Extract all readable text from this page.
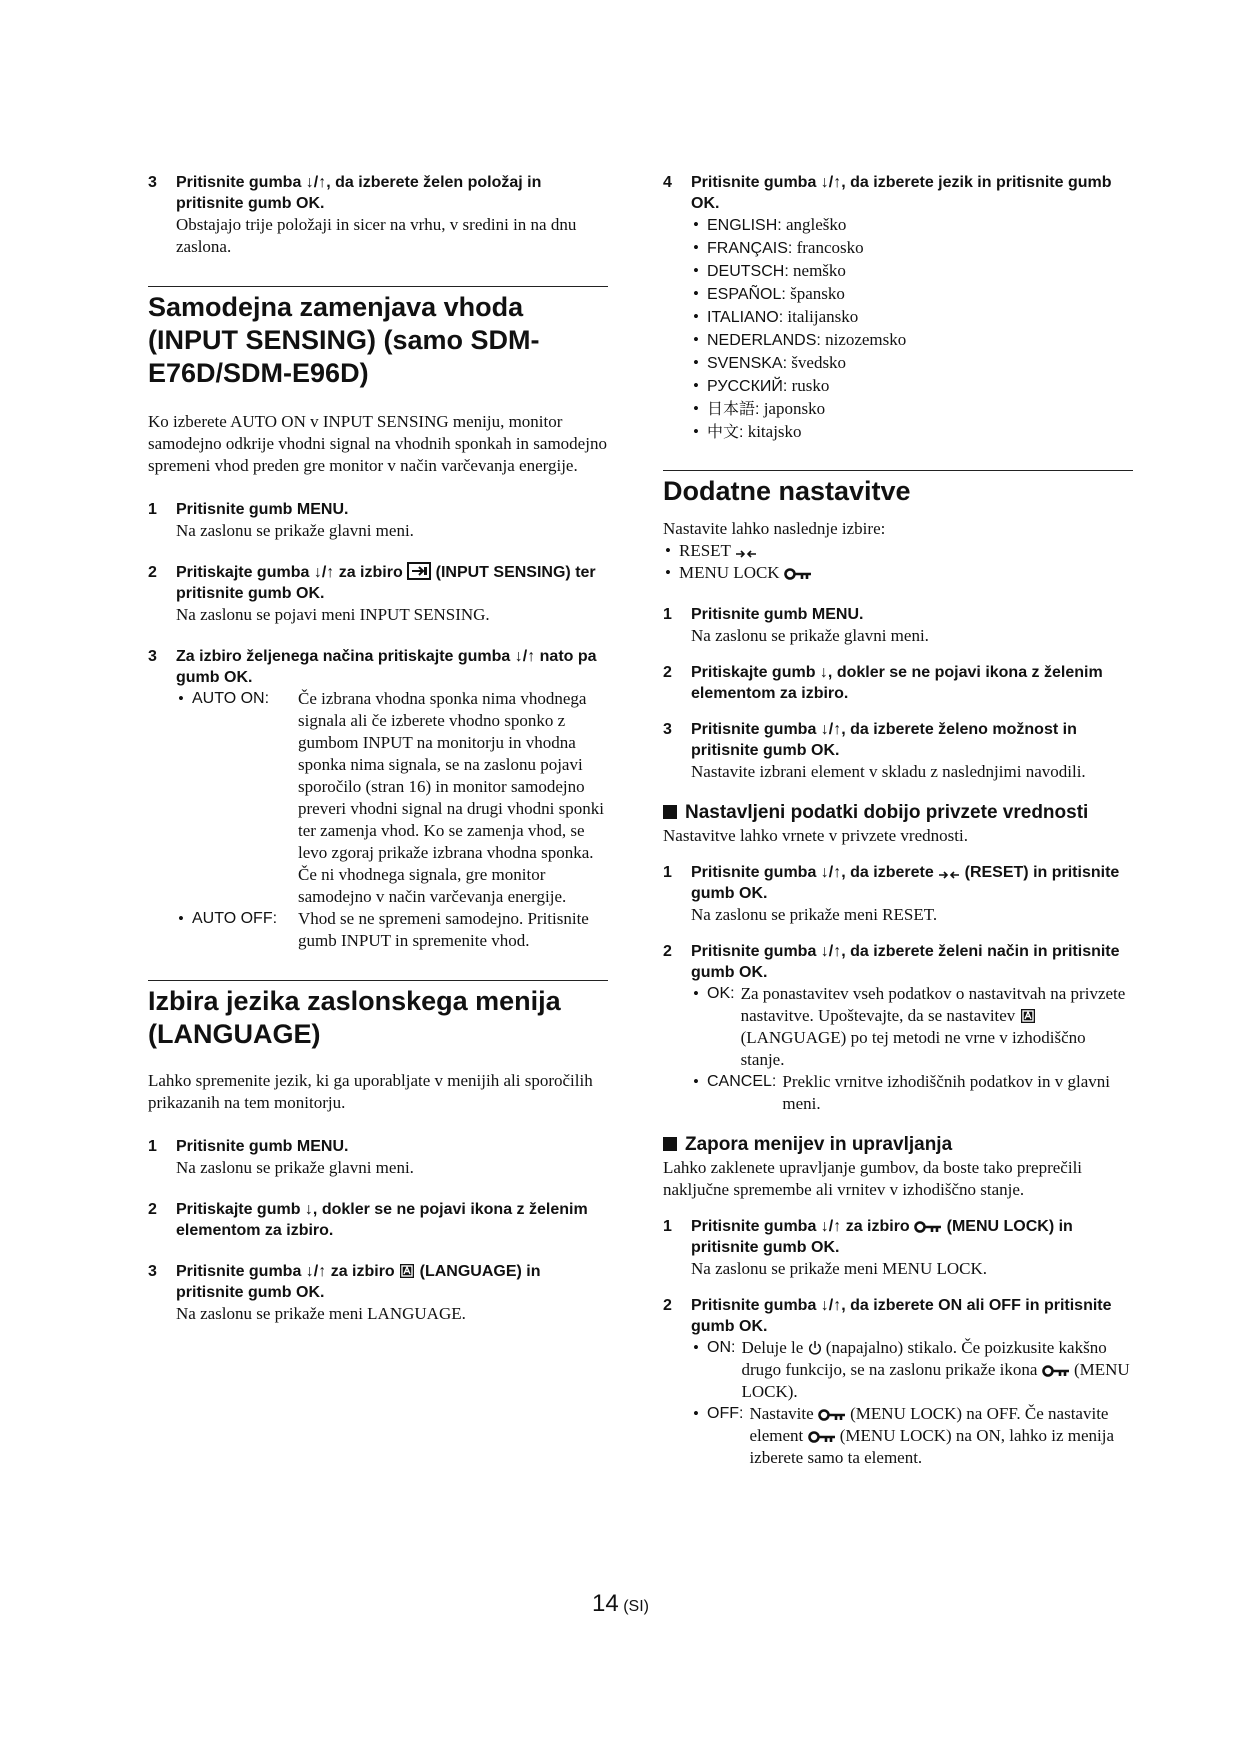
3 Pritisnite gumba ↓/↑, da izberete želen položaj in pritisnite gumb OK.
Obstajajo trije položaji in sicer na vrhu, v sredini in na dnu zaslona.
Samodejna zamenjava vhoda (INPUT SENSING) (samo SDM-E76D/SDM-E96D)
Ko izberete AUTO ON v INPUT SENSING meniju, monitor samodejno odkrije vhodni signal na vhodnih sponkah in samodejno spremeni vhod preden gre monitor v način varčevanja energije.
1 Pritisnite gumb MENU.
Na zaslonu se prikaže glavni meni.
2 Pritiskajte gumba ↓/↑ za izbiro (INPUT SENSING) ter pritisnite gumb OK.
Na zaslonu se pojavi meni INPUT SENSING.
3 Za izbiro željenega načina pritiskajte gumba ↓/↑ nato pa gumb OK.
• AUTO ON:	Če izbrana vhodna sponka nima vhodnega signala ali če izberete vhodno sponko z gumbom INPUT na monitorju in vhodna sponka nima signala, se na zaslonu pojavi sporočilo (stran 16) in monitor samodejno preveri vhodni signal na drugi vhodni sponki ter zamenja vhod. Ko se zamenja vhod, se levo zgoraj prikaže izbrana vhodna sponka. Če ni vhodnega signala, gre monitor samodejno v način varčevanja energije.
• AUTO OFF:	Vhod se ne spremeni samodejno. Pritisnite gumb INPUT in spremenite vhod.
Izbira jezika zaslonskega menija (LANGUAGE)
Lahko spremenite jezik, ki ga uporabljate v menijih ali sporočilih prikazanih na tem monitorju.
1 Pritisnite gumb MENU.
Na zaslonu se prikaže glavni meni.
2 Pritiskajte gumb ↓, dokler se ne pojavi ikona z želenim elementom za izbiro.
3 Pritisnite gumba ↓/↑ za izbiro (LANGUAGE) in pritisnite gumb OK.
Na zaslonu se prikaže meni LANGUAGE.
4 Pritisnite gumba ↓/↑, da izberete jezik in pritisnite gumb OK.
• ENGLISH: angleško
• FRANÇAIS: francosko
• DEUTSCH: nemško
• ESPAÑOL: špansko
• ITALIANO: italijansko
• NEDERLANDS: nizozemsko
• SVENSKA: švedsko
• РУССКИЙ: rusko
• 日本語: japonsko
• 中文: kitajsko
Dodatne nastavitve
Nastavite lahko naslednje izbire:
• RESET
• MENU LOCK
1 Pritisnite gumb MENU.
Na zaslonu se prikaže glavni meni.
2 Pritiskajte gumb ↓, dokler se ne pojavi ikona z želenim elementom za izbiro.
3 Pritisnite gumba ↓/↑, da izberete želeno možnost in pritisnite gumb OK.
Nastavite izbrani element v skladu z naslednjimi navodili.
Nastavljeni podatki dobijo privzete vrednosti
Nastavitve lahko vrnete v privzete vrednosti.
1 Pritisnite gumba ↓/↑, da izberete (RESET) in pritisnite gumb OK.
Na zaslonu se prikaže meni RESET.
2 Pritisnite gumba ↓/↑, da izberete želeni način in pritisnite gumb OK.
• OK: Za ponastavitev vseh podatkov o nastavitvah na privzete nastavitve. Upoštevajte, da se nastavitev  (LANGUAGE) po tej metodi ne vrne v izhodiščno stanje.
• CANCEL: Preklic vrnitve izhodiščnih podatkov in v glavni meni.
Zapora menijev in upravljanja
Lahko zaklenete upravljanje gumbov, da boste tako preprečili naključne spremembe ali vrnitev v izhodiščno stanje.
1 Pritisnite gumba ↓/↑ za izbiro (MENU LOCK) in pritisnite gumb OK.
Na zaslonu se prikaže meni MENU LOCK.
2 Pritisnite gumba ↓/↑, da izberete ON ali OFF in pritisnite gumb OK.
• ON: Deluje le (napajalno) stikalo. Če poizkusite kakšno drugo funkcijo, se na zaslonu prikaže ikona (MENU LOCK).
• OFF: Nastavite (MENU LOCK) na OFF. Če nastavite element (MENU LOCK) na ON, lahko iz menija izberete samo ta element.
14 (SI)
